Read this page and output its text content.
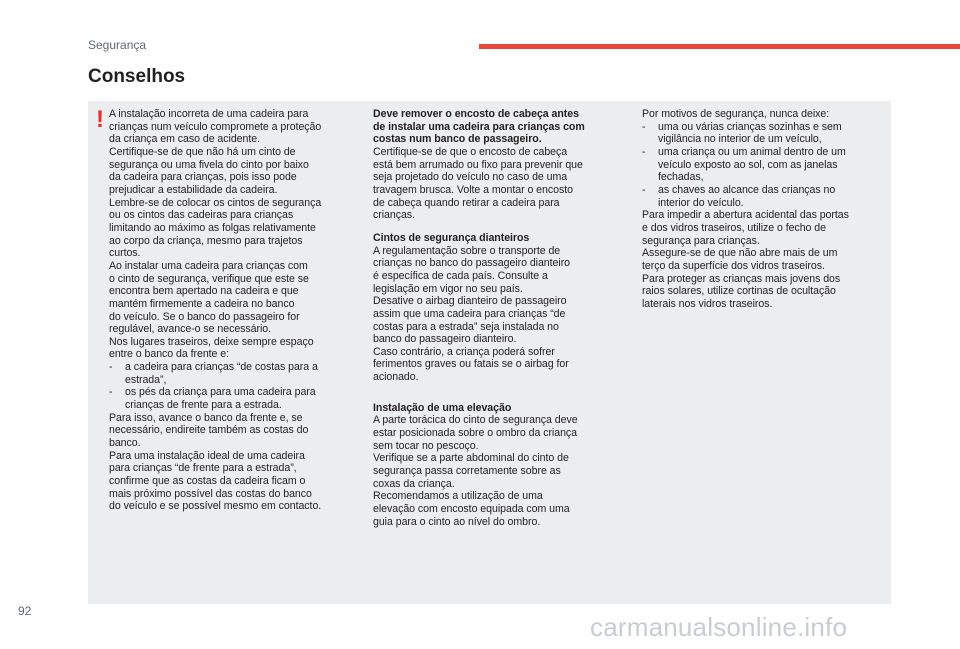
Segurança
Conselhos
! A instalação incorreta de uma cadeira para
crianças num veículo compromete a proteção
da criança em caso de acidente.
Certifique-se de que não há um cinto de
segurança ou uma fivela do cinto por baixo
da cadeira para crianças, pois isso pode
prejudicar a estabilidade da cadeira.
Lembre-se de colocar os cintos de segurança
ou os cintos das cadeiras para crianças
limitando ao máximo as folgas relativamente
ao corpo da criança, mesmo para trajetos
curtos.
Ao instalar uma cadeira para crianças com
o cinto de segurança, verifique que este se
encontra bem apertado na cadeira e que
mantém firmemente a cadeira no banco
do veículo. Se o banco do passageiro for
regulável, avance-o se necessário.
Nos lugares traseiros, deixe sempre espaço
entre o banco da frente e:
-	a cadeira para crianças “de costas para a
estrada”,
-	os pés da criança para uma cadeira para
crianças de frente para a estrada.
Para isso, avance o banco da frente e, se
necessário, endireite também as costas do
banco.
Para uma instalação ideal de uma cadeira
para crianças “de frente para a estrada”,
confirme que as costas da cadeira ficam o
mais próximo possível das costas do banco
do veículo e se possível mesmo em contacto.
Deve remover o encosto de cabeça antes
de instalar uma cadeira para crianças com
costas num banco de passageiro.
Certifique-se de que o encosto de cabeça
está bem arrumado ou fixo para prevenir que
seja projetado do veículo no caso de uma
travagem brusca. Volte a montar o encosto
de cabeça quando retirar a cadeira para
crianças.
Cintos de segurança dianteiros
A regulamentação sobre o transporte de
crianças no banco do passageiro dianteiro
é específica de cada país. Consulte a
legislação em vigor no seu país.
Desative o airbag dianteiro de passageiro
assim que uma cadeira para crianças “de
costas para a estrada” seja instalada no
banco do passageiro dianteiro.
Caso contrário, a criança poderá sofrer
ferimentos graves ou fatais se o airbag for
acionado.
Instalação de uma elevação
A parte torácica do cinto de segurança deve
estar posicionada sobre o ombro da criança
sem tocar no pescoço.
Verifique se a parte abdominal do cinto de
segurança passa corretamente sobre as
coxas da criança.
Recomendamos a utilização de uma
elevação com encosto equipada com uma
guia para o cinto ao nível do ombro.
Por motivos de segurança, nunca deixe:
-	uma ou várias crianças sozinhas e sem
vigilância no interior de um veículo,
-	uma criança ou um animal dentro de um
veículo exposto ao sol, com as janelas
fechadas,
-	as chaves ao alcance das crianças no
interior do veículo.
Para impedir a abertura acidental das portas
e dos vidros traseiros, utilize o fecho de
segurança para crianças.
Assegure-se de que não abre mais de um
terço da superfície dos vidros traseiros.
Para proteger as crianças mais jovens dos
raios solares, utilize cortinas de ocultação
laterais nos vidros traseiros.
92
carmanualsonline.info
